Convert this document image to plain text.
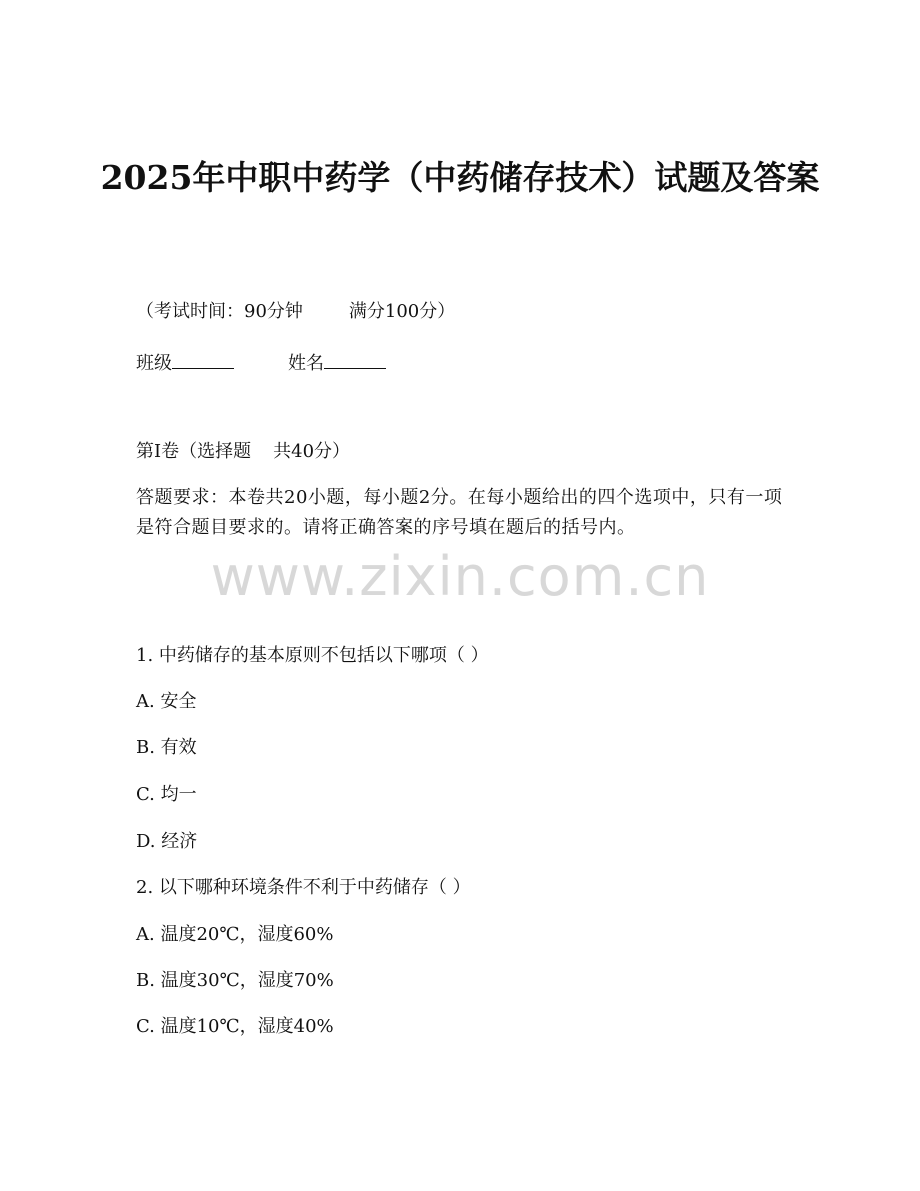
2025年中职中药学（中药储存技术）试题及答案
（考试时间：90分钟	满分100分）
班级	姓名
第I卷（选择题 共40分）
答题要求：本卷共20小题，每小题2分。在每小题给出的四个选项中，只有一项是符合题目要求的。请将正确答案的序号填在题后的括号内。
www.zixin.com.cn
1. 中药储存的基本原则不包括以下哪项（ ）
A. 安全
B. 有效
C. 均一
D. 经济
2. 以下哪种环境条件不利于中药储存（ ）
A. 温度20℃，湿度60%
B. 温度30℃，湿度70%
C. 温度10℃，湿度40%
